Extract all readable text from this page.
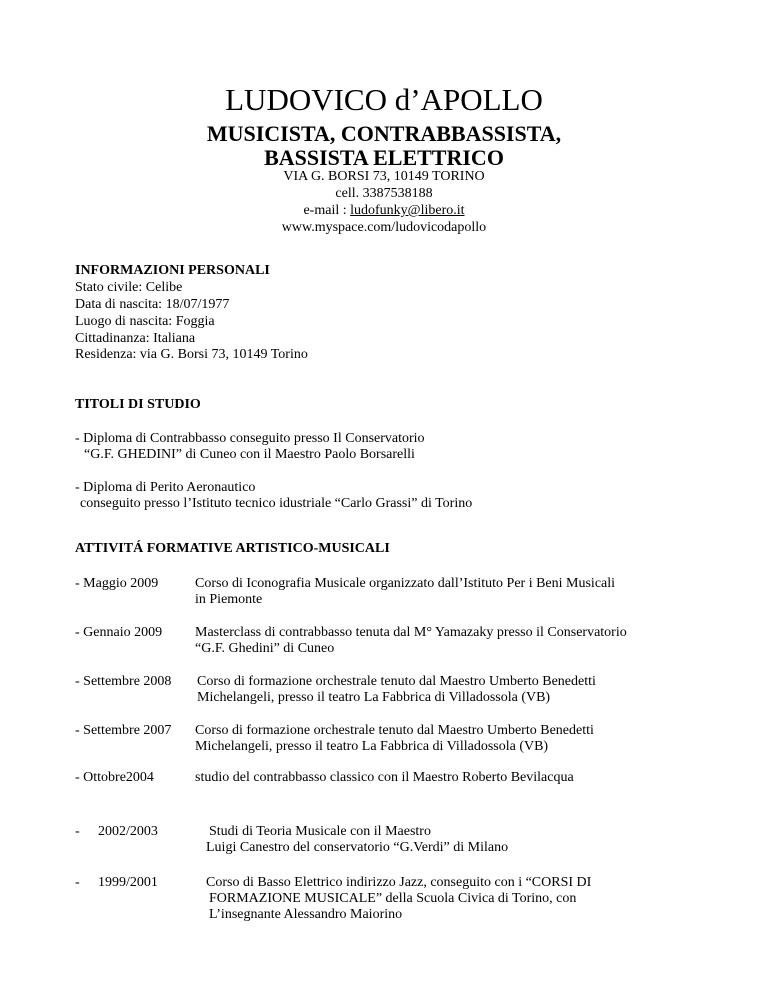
LUDOVICO d’APOLLO
MUSICISTA, CONTRABBASSISTA,
BASSISTA ELETTRICO
VIA G. BORSI 73, 10149 TORINO
cell. 3387538188
e-mail : ludofunky@libero.it
www.myspace.com/ludovicodapollo
INFORMAZIONI PERSONALI
Stato civile: Celibe
Data di nascita: 18/07/1977
Luogo di nascita: Foggia
Cittadinanza: Italiana
Residenza: via G. Borsi 73, 10149 Torino
TITOLI DI STUDIO
- Diploma di Contrabbasso conseguito presso Il Conservatorio
“G.F. GHEDINI” di Cuneo con il Maestro Paolo Borsarelli
- Diploma di Perito Aeronautico
conseguito presso l’Istituto tecnico idustriale “Carlo Grassi” di Torino
ATTIVITÁ FORMATIVE ARTISTICO-MUSICALI
- Maggio 2009	Corso di Iconografia Musicale organizzato dall’Istituto Per i Beni Musicali
in Piemonte
- Gennaio 2009 Masterclass di contrabbasso tenuta dal M° Yamazaky presso il Conservatorio
“G.F. Ghedini” di Cuneo
- Settembre 2008 Corso di formazione orchestrale tenuto dal Maestro Umberto Benedetti
Michelangeli, presso il teatro La Fabbrica di Villadossola (VB)
- Settembre 2007 Corso di formazione orchestrale tenuto dal Maestro Umberto Benedetti
Michelangeli, presso il teatro La Fabbrica di Villadossola (VB)
- Ottobre2004	studio del contrabbasso classico con il Maestro Roberto Bevilacqua
- 2002/2003	Studi di Teoria Musicale con il Maestro
Luigi Canestro del conservatorio “G.Verdi” di Milano
- 1999/2001	Corso di Basso Elettrico indirizzo Jazz, conseguito con i “CORSI DI
FORMAZIONE MUSICALE” della Scuola Civica di Torino, con
L’insegnante Alessandro Maiorino
